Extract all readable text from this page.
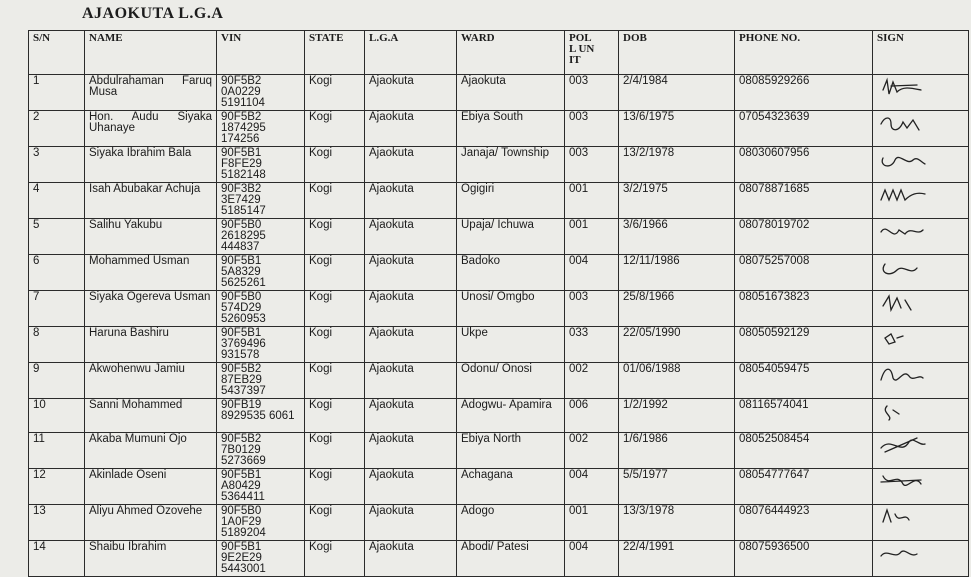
AJAOKUTA L.G.A
S/N	NAME	VIN	STATE	L.G.A	WARD	POLL UNIT	DOB	PHONE NO.	SIGN
1	Abdulrahaman Faruq Musa	90F5B2 0A0229 5191104	Kogi	Ajaokuta	Ajaokuta	003	2/4/1984	08085929266	

2	Hon. Audu Siyaka Uhanaye	90F5B2 1874295 174256	Kogi	Ajaokuta	Ebiya South	003	13/6/1975	07054323639	

3	Siyaka Ibrahim Bala	90F5B1 F8FE29 5182148	Kogi	Ajaokuta	Janaja/ Township	003	13/2/1978	08030607956	

4	Isah Abubakar Achuja	90F3B2 3E7429 5185147	Kogi	Ajaokuta	Ogigiri	001	3/2/1975	08078871685	

5	Salihu Yakubu	90F5B0 2618295 444837	Kogi	Ajaokuta	Upaja/ Ichuwa	001	3/6/1966	08078019702	

6	Mohammed Usman	90F5B1 5A8329 5625261	Kogi	Ajaokuta	Badoko	004	12/11/1986	08075257008	

7	Siyaka Ogereva Usman	90F5B0 574D29 5260953	Kogi	Ajaokuta	Unosi/ Omgbo	003	25/8/1966	08051673823	

8	Haruna Bashiru	90F5B1 3769496 931578	Kogi	Ajaokuta	Ukpe	033	22/05/1990	08050592129	

9	Akwohenwu Jamiu	90F5B2 87EB29 5437397	Kogi	Ajaokuta	Odonu/ Onosi	002	01/06/1988	08054059475	

10	Sanni Mohammed	90FB19 8929535 6061	Kogi	Ajaokuta	Adogwu- Apamira	006	1/2/1992	08116574041	

11	Akaba Mumuni Ojo	90F5B2 7B0129 5273669	Kogi	Ajaokuta	Ebiya North	002	1/6/1986	08052508454	

12	Akinlade Oseni	90F5B1 A80429 5364411	Kogi	Ajaokuta	Achagana	004	5/5/1977	08054777647	

13	Aliyu Ahmed Ozovehe	90F5B0 1A0F29 5189204	Kogi	Ajaokuta	Adogo	001	13/3/1978	08076444923	

14	Shaibu Ibrahim	90F5B1 9E2E29 5443001	Kogi	Ajaokuta	Abodi/ Patesi	004	22/4/1991	08075936500	
